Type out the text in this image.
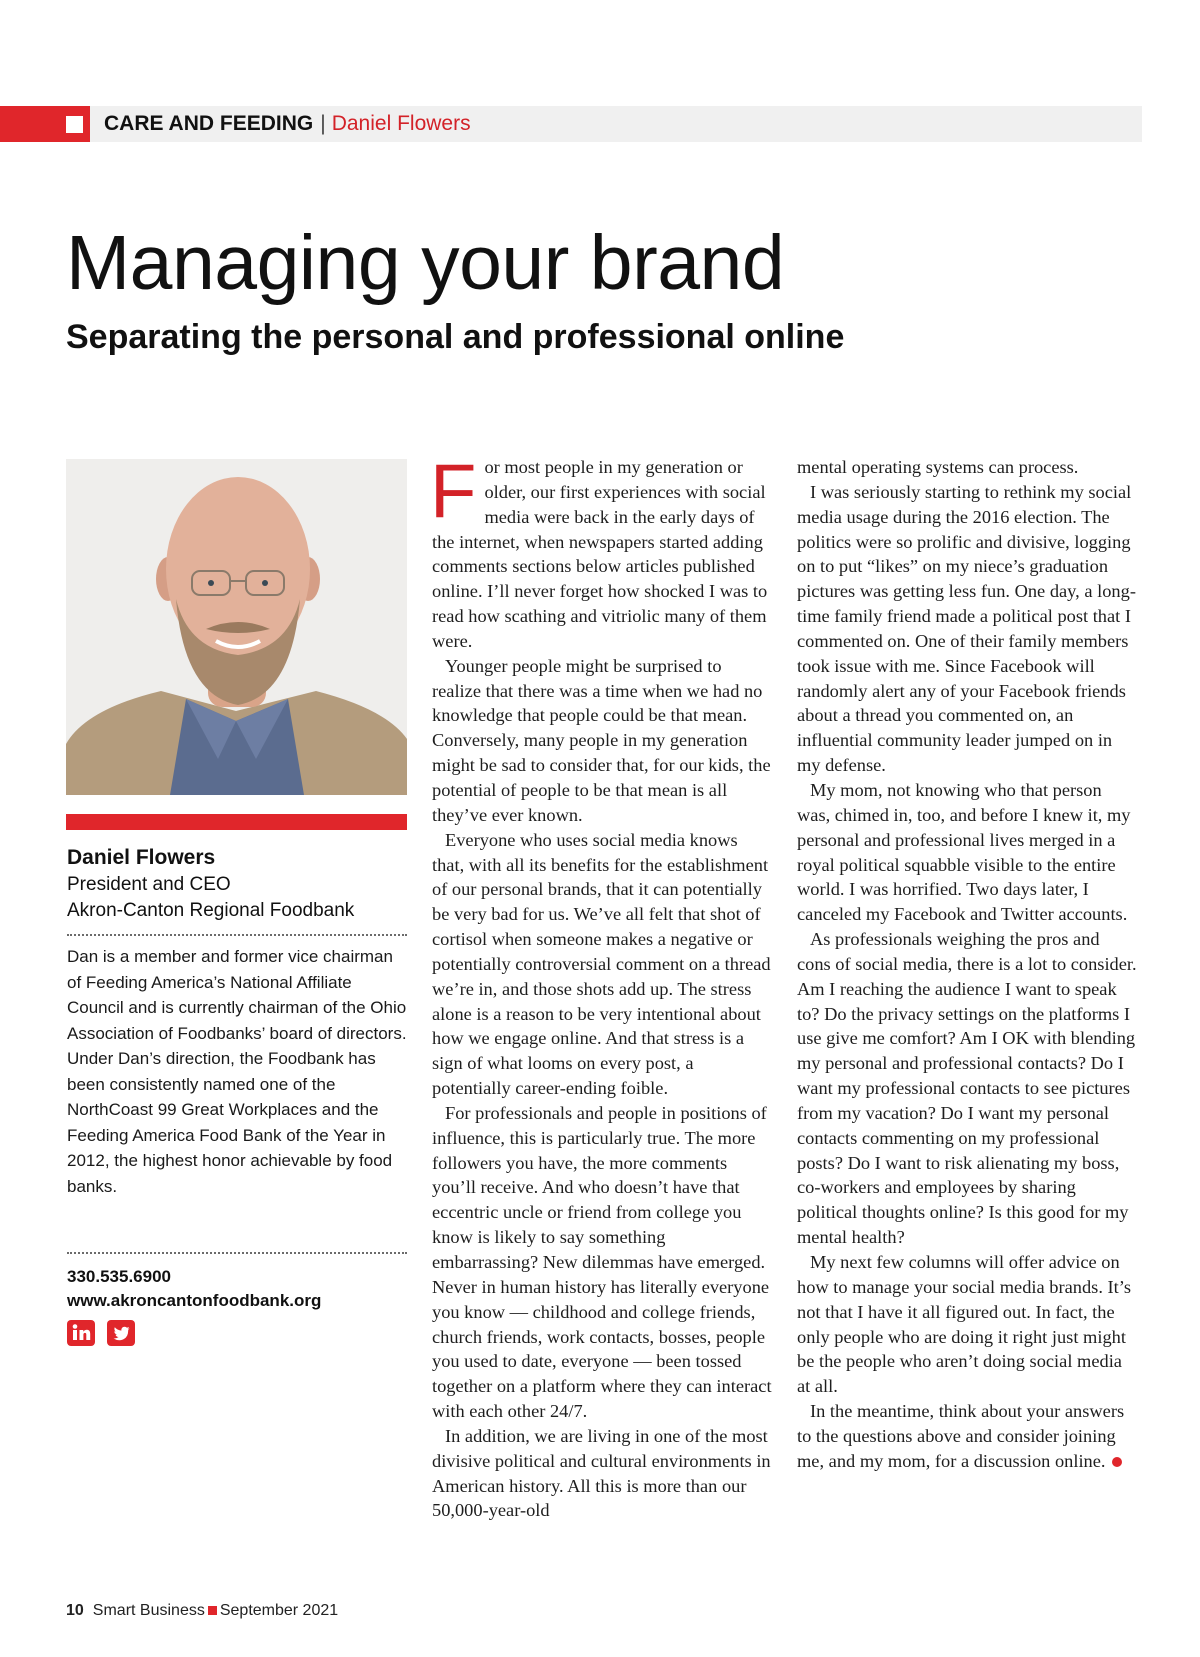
CARE AND FEEDING | Daniel Flowers
Managing your brand
Separating the personal and professional online
Daniel Flowers
President and CEO
Akron-Canton Regional Foodbank

Dan is a member and former vice chairman of Feeding America’s National Affiliate Council and is currently chairman of the Ohio Association of Foodbanks’ board of directors. Under Dan’s direction, the Foodbank has been consistently named one of the NorthCoast 99 Great Workplaces and the Feeding America Food Bank of the Year in 2012, the highest honor achievable by food banks.

330.535.6900
www.akroncantonfoodbank.org

For most people in my generation or older, our first experiences with social media were back in the early days of the internet, when newspapers started adding comments sections below articles published online. I’ll never forget how shocked I was to read how scathing and vitriolic many of them were.

Younger people might be surprised to realize that there was a time when we had no knowledge that people could be that mean. Conversely, many people in my generation might be sad to consider that, for our kids, the potential of people to be that mean is all they’ve ever known.

Everyone who uses social media knows that, with all its benefits for the establishment of our personal brands, that it can potentially be very bad for us. We’ve all felt that shot of cortisol when someone makes a negative or potentially controversial comment on a thread we’re in, and those shots add up. The stress alone is a reason to be very intentional about how we engage online. And that stress is a sign of what looms on every post, a potentially career-ending foible.

For professionals and people in positions of influence, this is particularly true. The more followers you have, the more comments you’ll receive. And who doesn’t have that eccentric uncle or friend from college you know is likely to say something embarrassing? New dilemmas have emerged. Never in human history has literally everyone you know — childhood and college friends, church friends, work contacts, bosses, people you used to date, everyone — been tossed together on a platform where they can interact with each other 24/7.

In addition, we are living in one of the most divisive political and cultural environments in American history. All this is more than our 50,000-year-old

mental operating systems can process.

I was seriously starting to rethink my social media usage during the 2016 election. The politics were so prolific and divisive, logging on to put “likes” on my niece’s graduation pictures was getting less fun. One day, a long-time family friend made a political post that I commented on. One of their family members took issue with me. Since Facebook will randomly alert any of your Facebook friends about a thread you commented on, an influential community leader jumped on in my defense.

My mom, not knowing who that person was, chimed in, too, and before I knew it, my personal and professional lives merged in a royal political squabble visible to the entire world. I was horrified. Two days later, I canceled my Facebook and Twitter accounts.

As professionals weighing the pros and cons of social media, there is a lot to consider. Am I reaching the audience I want to speak to? Do the privacy settings on the platforms I use give me comfort? Am I OK with blending my personal and professional contacts? Do I want my professional contacts to see pictures from my vacation? Do I want my personal contacts commenting on my professional posts? Do I want to risk alienating my boss, co-workers and employees by sharing political thoughts online? Is this good for my mental health?

My next few columns will offer advice on how to manage your social media brands. It’s not that I have it all figured out. In fact, the only people who are doing it right just might be the people who aren’t doing social media at all.

In the meantime, think about your answers to the questions above and consider joining me, and my mom, for a discussion online.

10 Smart Business September 2021
